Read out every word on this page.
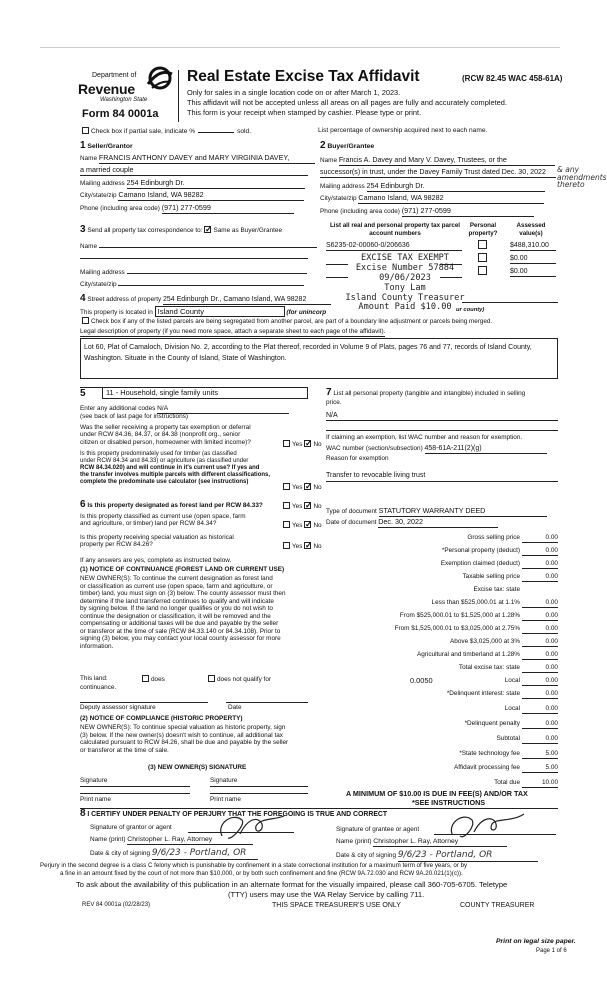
Department of
Revenue
Washington State
Form 84 0001a
Real Estate Excise Tax Affidavit	(RCW 82.45 WAC 458-61A)
Only for sales in a single location code on or after March 1, 2023.
This affidavit will not be accepted unless all areas on all pages are fully and accurately completed.
This form is your receipt when stamped by cashier. Please type or print.
Check box if partial sale, indicate %	sold.	List percentage of ownership acquired next to each name.
1 Seller/Grantor
Name FRANCIS ANTHONY DAVEY and MARY VIRGINIA DAVEY,
a married couple
Mailing address 254 Edinburgh Dr.
City/state/zip Camano Island, WA 98282
Phone (including area code) (971) 277-0599
2 Buyer/Grantee
Name Francis A. Davey and Mary V. Davey, Trustees, or the
successor(s) in trust, under the Davey Family Trust dated Dec. 30, 2022	& any amendments thereto
Mailing address 254 Edinburgh Dr.
City/state/zip Camano Island, WA 98282
Phone (including area code) (971) 277-0599
3 Send all property tax correspondence to: ✓ Same as Buyer/Grantee
Name
Mailing address
City/state/zip
List all real and personal property tax parcel account numbers
Personal property?
Assessed value(s)
S6235-02-00060-0/206636	$488,310.00
$0.00
$0.00
EXCISE TAX EXEMPT
Excise Number 57884
09/06/2023
Tony Lam
Island County Treasurer
Amount Paid $10.00
4 Street address of property 254 Edinburgh Dr., Camano Island, WA 98282
This property is located in Island County	(for unincorp	ur county)
Check box if any of the listed parcels are being segregated from another parcel, are part of a boundary line adjustment or parcels being merged.
Legal description of property (if you need more space, attach a separate sheet to each page of the affidavit).
Lot 60, Plat of Camaloch, Division No. 2, according to the Plat thereof, recorded in Volume 9 of Plats, pages 76 and 77, records of Island County, Washington. Situate in the County of Island, State of Washington.
5	11 - Household, single family units
Enter any additional codes N/A
(see back of last page for instructions)
Was the seller receiving a property tax exemption or deferral
under RCW 84.36, 84.37, or 84.38 (nonprofit org., senior
citizen or disabled person, homeowner with limited income)?	Yes ✓ No
Is this property predominately used for timber (as classified
under RCW 84.34 and 84.33) or agriculture (as classified under
RCW 84.34.020) and will continue in it's current use? If yes and
the transfer involves multiple parcels with different classifications,
complete the predominate use calculator (see instructions)
Yes ✓ No
6 Is this property designated as forest land per RCW 84.33?	Yes ✓ No
Is this property classified as current use (open space, farm
and agriculture, or timber) land per RCW 84.34?	Yes ✓ No
Is this property receiving special valuation as historical
property per RCW 84.26?	Yes ✓ No
If any answers are yes, complete as instructed below.
(1) NOTICE OF CONTINUANCE (FOREST LAND OR CURRENT USE)
NEW OWNER(S): To continue the current designation as forest land
or classification as current use (open space, farm and agriculture, or
timber) land, you must sign on (3) below. The county assessor must then
determine if the land transferred continues to qualify and will indicate
by signing below. If the land no longer qualifies or you do not wish to
continue the designation or classification, it will be removed and the
compensating or additional taxes will be due and payable by the seller
or transferor at the time of sale (RCW 84.33.140 or 84.34.108). Prior to
signing (3) below, you may contact your local county assessor for more
information.
This land:	does	does not qualify for
continuance.
Deputy assessor signature	Date
(2) NOTICE OF COMPLIANCE (HISTORIC PROPERTY)
NEW OWNER(S): To continue special valuation as historic property, sign
(3) below. If the new owner(s) doesn't wish to continue, all additional tax
calculated pursuant to RCW 84.26, shall be due and payable by the seller
or transferor at the time of sale.
(3) NEW OWNER(S) SIGNATURE
Signature	Signature
Print name	Print name
7 List all personal property (tangible and intangible) included in selling
price.
N/A
If claiming an exemption, list WAC number and reason for exemption.
WAC number (section/subsection) 458-61A-211(2)(g)
Reason for exemption
Transfer to revocable living trust
Type of document STATUTORY WARRANTY DEED
Date of document Dec. 30, 2022
Gross selling price	0.00
*Personal property (deduct)	0.00
Exemption claimed (deduct)	0.00
Taxable selling price	0.00
Excise tax: state
Less than $525,000.01 at 1.1%	0.00
From $525,000.01 to $1,525,000 at 1.28%	0.00
From $1,525,000.01 to $3,025,000 at 2.75%	0.00
Above $3,025,000 at 3%	0.00
Agricultural and timberland at 1.28%	0.00
Total excise tax: state	0.00
0.0050	Local	0.00
*Delinquent interest: state	0.00
Local	0.00
*Delinquent penalty	0.00
Subtotal	0.00
*State technology fee	5.00
Affidavit processing fee	5.00
Total due	10.00
A MINIMUM OF $10.00 IS DUE IN FEE(S) AND/OR TAX
*SEE INSTRUCTIONS
8 I CERTIFY UNDER PENALTY OF PERJURY THAT THE FOREGOING IS TRUE AND CORRECT
Signature of grantor or agent
Name (print) Christopher L. Ray, Attorney
Date & city of signing 9/6/23 - Portland, OR
Signature of grantee or agent
Name (print) Christopher L. Ray, Attorney
Date & city of signing 9/6/23 - Portland, OR
Perjury in the second degree is a class C felony which is punishable by confinement in a state correctional institution for a maximum term of five years, or by
a fine in an amount fixed by the court of not more than $10,000, or by both such confinement and fine (RCW 9A.72.030 and RCW 9A.20.021(1)(c)).
To ask about the availability of this publication in an alternate format for the visually impaired, please call 360-705-6705. Teletype
(TTY) users may use the WA Relay Service by calling 711.
REV 84 0001a (02/28/23)	THIS SPACE TREASURER'S USE ONLY	COUNTY TREASURER
Print on legal size paper.
Page 1 of 6
